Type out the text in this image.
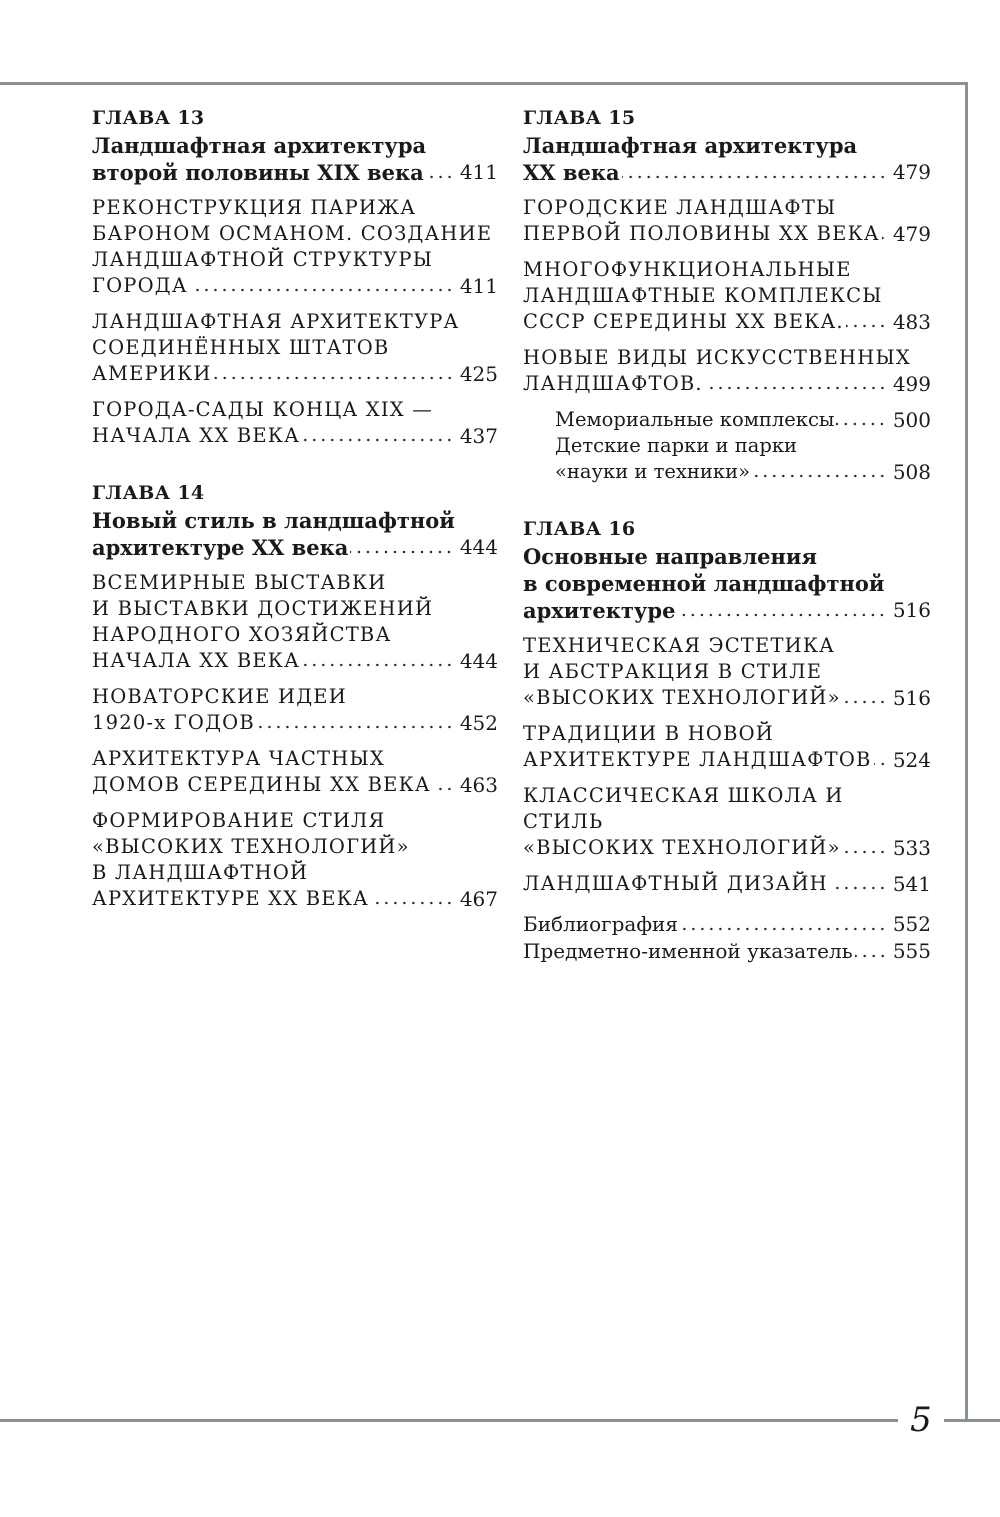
5
ГЛАВА 13
Ландшафтная архитектура
второй половины XIX века 411
РЕКОНСТРУКЦИЯ ПАРИЖА
БАРОНОМ ОСМАНОМ. СОЗДАНИЕ
ЛАНДШАФТНОЙ СТРУКТУРЫ
ГОРОДА	411
ЛАНДШАФТНАЯ АРХИТЕКТУРА
СОЕДИНЁННЫХ ШТАТОВ
АМЕРИКИ	425
ГОРОДА-САДЫ КОНЦА XIX —
НАЧАЛА XX ВЕКА	437
ГЛАВА 14
Новый стиль в ландшафтной
архитектуре XX века	444
ВСЕМИРНЫЕ ВЫСТАВКИ
И ВЫСТАВКИ ДОСТИЖЕНИЙ
НАРОДНОГО ХОЗЯЙСТВА
НАЧАЛА XX ВЕКА	444
НОВАТОРСКИЕ ИДЕИ
1920-х ГОДОВ	452
АРХИТЕКТУРА ЧАСТНЫХ
ДОМОВ СЕРЕДИНЫ XX ВЕКА 463
ФОРМИРОВАНИЕ СТИЛЯ
«ВЫСОКИХ ТЕХНОЛОГИЙ»
В ЛАНДШАФТНОЙ
АРХИТЕКТУРЕ XX ВЕКА	467
ГЛАВА 15
Ландшафтная архитектура
XX века	479
ГОРОДСКИЕ ЛАНДШАФТЫ
ПЕРВОЙ ПОЛОВИНЫ XX ВЕКА 479
МНОГОФУНКЦИОНАЛЬНЫЕ
ЛАНДШАФТНЫЕ КОМПЛЕКСЫ
СССР СЕРЕДИНЫ XX ВЕКА. 483
НОВЫЕ ВИДЫ ИСКУССТВЕННЫХ
ЛАНДШАФТОВ.	499
Мемориальные комплексы	500
Детские парки и парки
«науки и техники»	508
ГЛАВА 16
Основные направления
в современной ландшафтной
архитектуре	516
ТЕХНИЧЕСКАЯ ЭСТЕТИКА
И АБСТРАКЦИЯ В СТИЛЕ
«ВЫСОКИХ ТЕХНОЛОГИЙ»	516
ТРАДИЦИИ В НОВОЙ
АРХИТЕКТУРЕ ЛАНДШАФТОВ 524
КЛАССИЧЕСКАЯ ШКОЛА И СТИЛЬ
«ВЫСОКИХ ТЕХНОЛОГИЙ»	533
ЛАНДШАФТНЫЙ ДИЗАЙН	541
Библиография	552
Предметно-именной указатель 555
